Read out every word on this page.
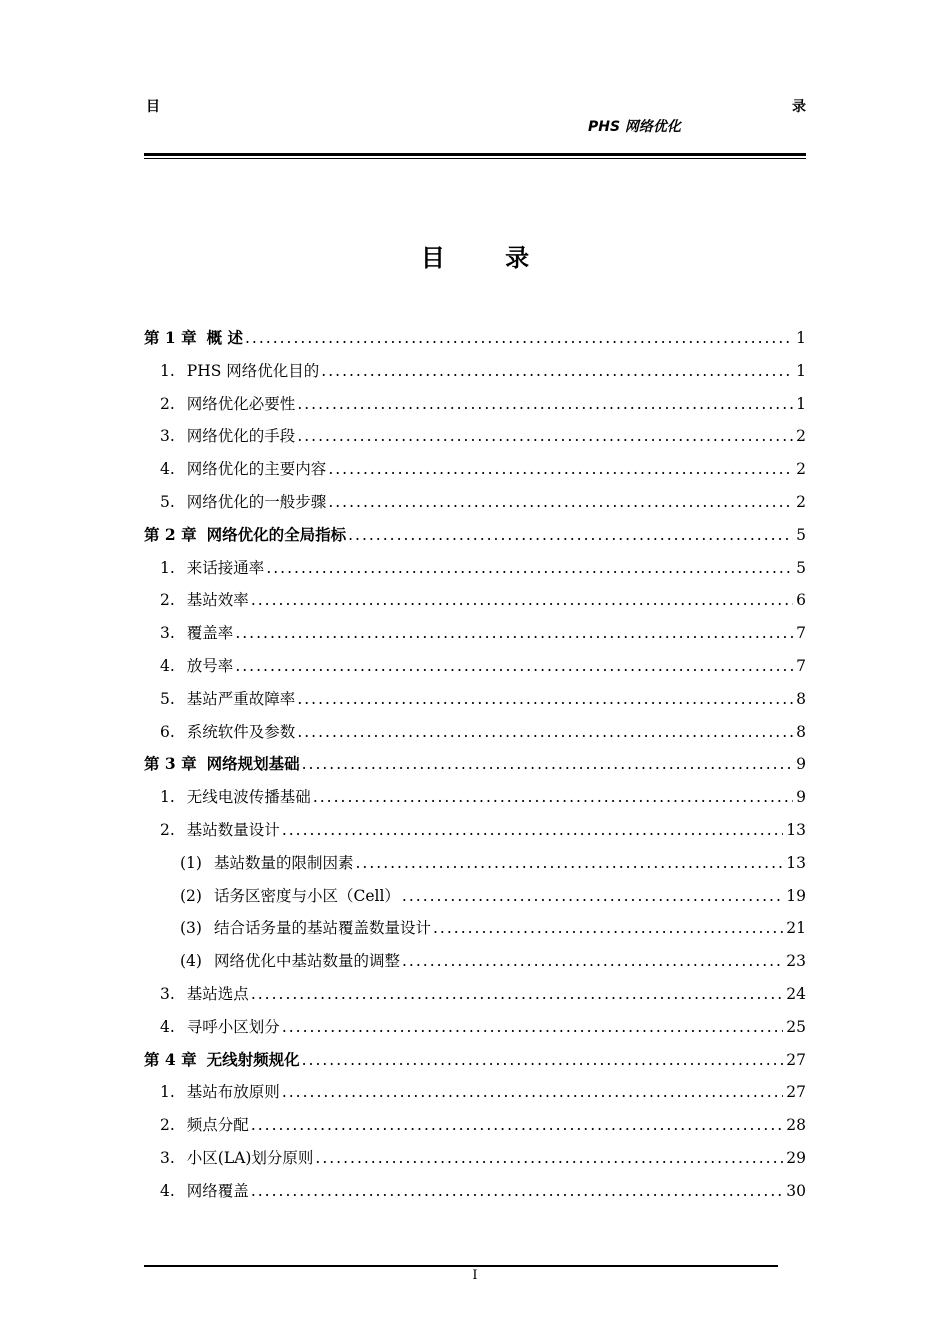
目	录
PHS 网络优化
目 录
第 1 章 概 述 .....	1
1. PHS 网络优化目的 .....	1
2. 网络优化必要性 .....	1
3. 网络优化的手段 .....	2
4. 网络优化的主要内容 .....	2
5. 网络优化的一般步骤 .....	2
第 2 章 网络优化的全局指标 .....	5
1. 来话接通率 .....	5
2. 基站效率 .....	6
3. 覆盖率 .....	7
4. 放号率 .....	7
5. 基站严重故障率 .....	8
6. 系统软件及参数 .....	8
第 3 章 网络规划基础 .....	9
1. 无线电波传播基础 .....	9
2. 基站数量设计 .....	13
(1) 基站数量的限制因素 .....	13
(2) 话务区密度与小区（Cell） .....	19
(3) 结合话务量的基站覆盖数量设计 .....	21
(4) 网络优化中基站数量的调整 .....	23
3. 基站选点 .....	24
4. 寻呼小区划分 .....	25
第 4 章 无线射频规化 .....	27
1. 基站布放原则 .....	27
2. 频点分配 .....	28
3. 小区(LA)划分原则 .....	29
4. 网络覆盖 .....	30
I
